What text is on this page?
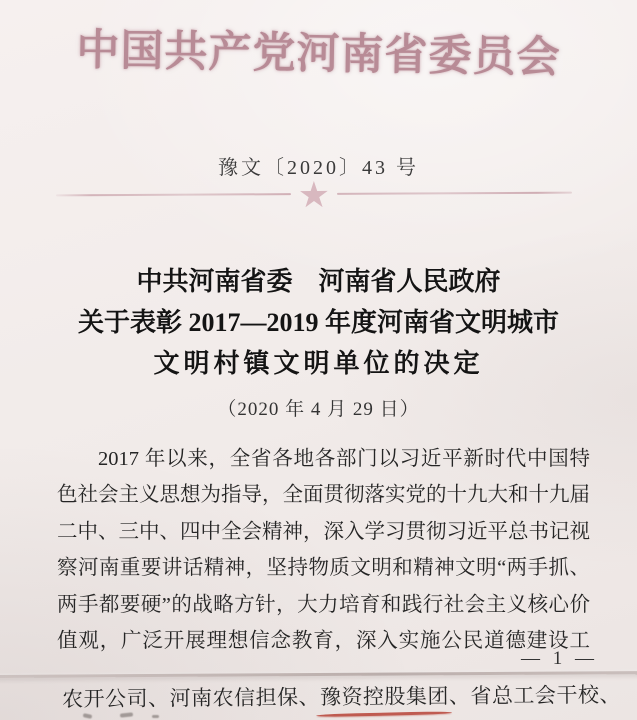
中国共产党河南省委员会
豫文〔2020〕43 号
★
中共河南省委　河南省人民政府
关于表彰 2017—2019 年度河南省文明城市
文明村镇文明单位的决定
（2020 年 4 月 29 日）
2017 年以来，全省各地各部门以习近平新时代中国特
色社会主义思想为指导，全面贯彻落实党的十九大和十九届
二中、三中、四中全会精神，深入学习贯彻习近平总书记视
察河南重要讲话精神，坚持物质文明和精神文明“两手抓、
两手都要硬”的战略方针，大力培育和践行社会主义核心价
值观，广泛开展理想信念教育，深入实施公民道德建设工
— 1 —
农开公司、河南农信担保、豫资控股集团
、省总工会干校、
